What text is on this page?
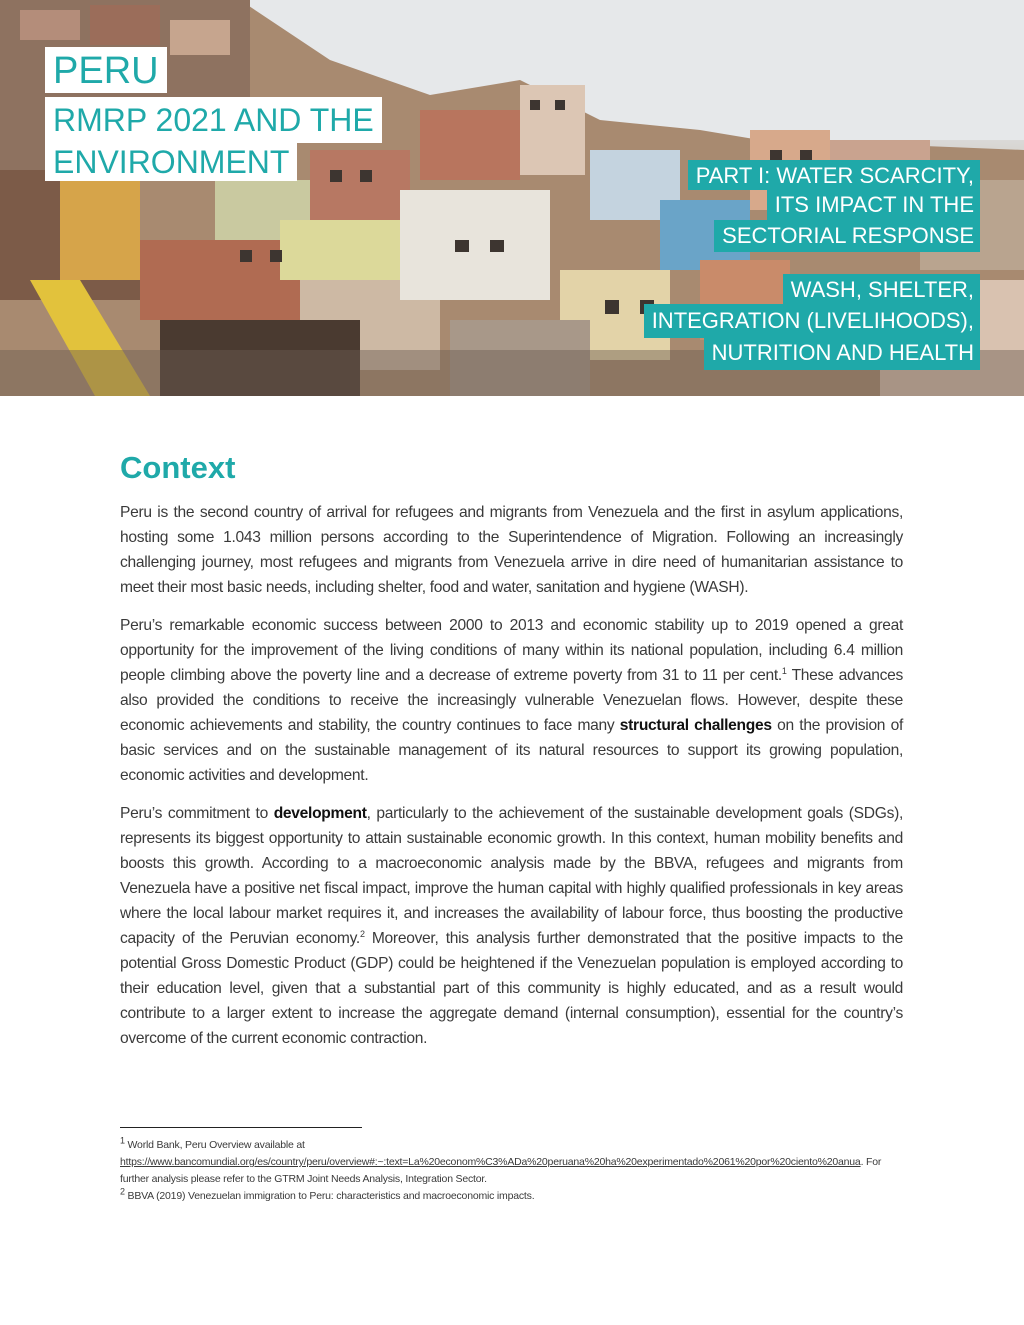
PERU
RMRP 2021 AND THE
ENVIRONMENT	PART I: WATER SCARCITY,
ITS IMPACT IN THE
SECTORIAL RESPONSE
WASH, SHELTER,
INTEGRATION (LIVELIHOODS),
NUTRITION AND HEALTH
Context

Peru is the second country of arrival for refugees and migrants from Venezuela and the first in asylum applications, hosting some 1.043 million persons according to the Superintendence of Migration. Following an increasingly challenging journey, most refugees and migrants from Venezuela arrive in dire need of humanitarian assistance to meet their most basic needs, including shelter, food and water, sanitation and hygiene (WASH).

Peru’s remarkable economic success between 2000 to 2013 and economic stability up to 2019 opened a great opportunity for the improvement of the living conditions of many within its national population, including 6.4 million people climbing above the poverty line and a decrease of extreme poverty from 31 to 11 per cent.$^1$ These advances also provided the conditions to receive the increasingly vulnerable Venezuelan flows. However, despite these economic achievements and stability, the country continues to face many structural challenges on the provision of basic services and on the sustainable management of its natural resources to support its growing population, economic activities and development.

Peru’s commitment to development, particularly to the achievement of the sustainable development goals (SDGs), represents its biggest opportunity to attain sustainable economic growth. In this context, human mobility benefits and boosts this growth. According to a macroeconomic analysis made by the BBVA, refugees and migrants from Venezuela have a positive net fiscal impact, improve the human capital with highly qualified professionals in key areas where the local labour market requires it, and increases the availability of labour force, thus boosting the productive capacity of the Peruvian economy.$^2$ Moreover, this analysis further demonstrated that the positive impacts to the potential Gross Domestic Product (GDP) could be heightened if the Venezuelan population is employed according to their education level, given that a substantial part of this community is highly educated, and as a result would contribute to a larger extent to increase the aggregate demand (internal consumption), essential for the country’s overcome of the current economic contraction.

$^1$ World Bank, Peru Overview available at
https://www.bancomundial.org/es/country/peru/overview#:~:text=La%20econom%C3%ADa%20peruana%20ha%20experimentado%2061%20por%20ciento%20anua. For further analysis please refer to the GTRM Joint Needs Analysis, Integration Sector.
$^2$ BBVA (2019) Venezuelan immigration to Peru: characteristics and macroeconomic impacts.
